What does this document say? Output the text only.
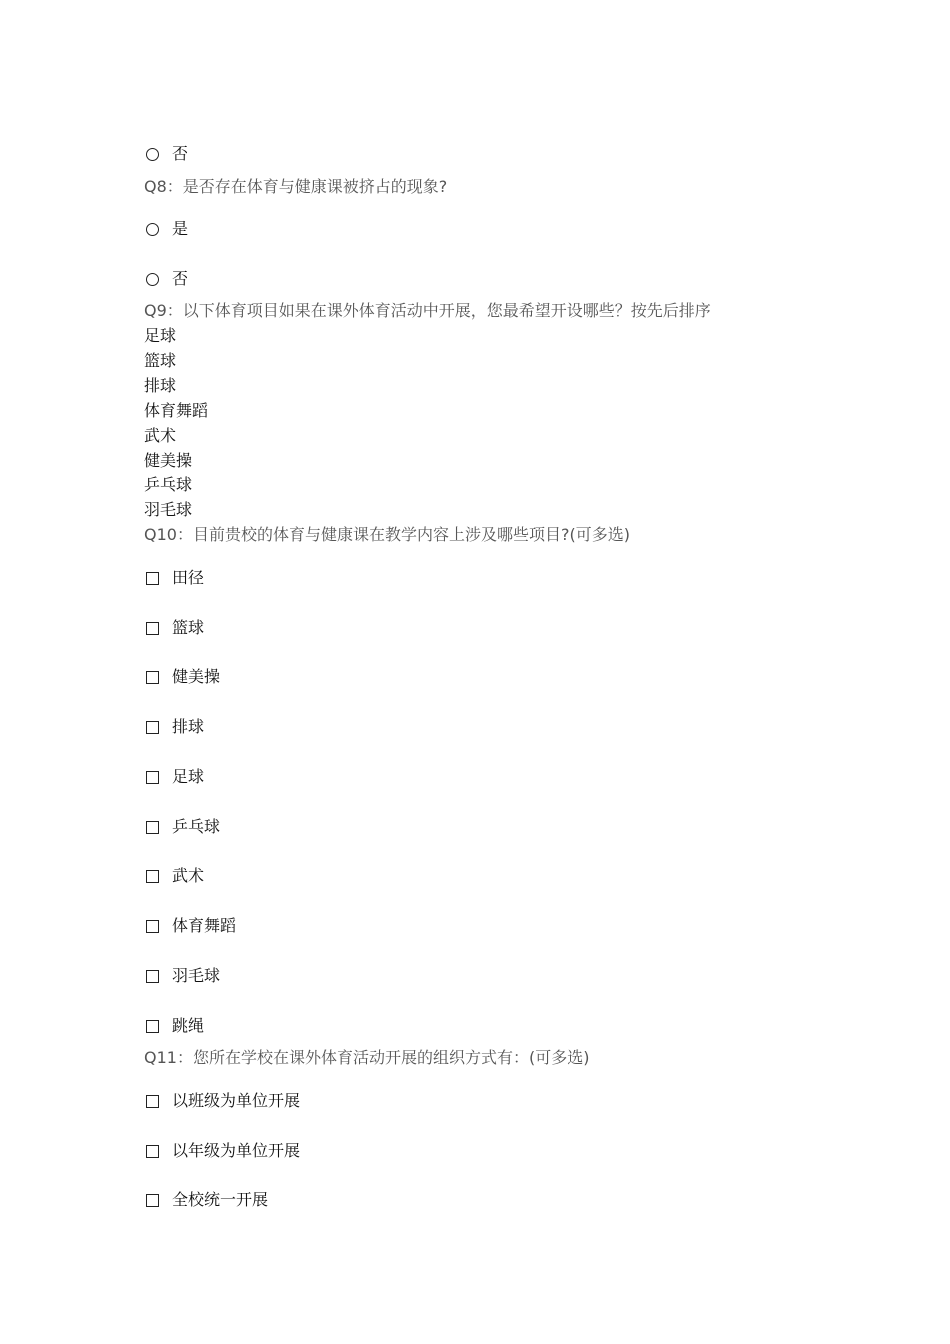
否
Q8：是否存在体育与健康课被挤占的现象?
是
否
Q9：以下体育项目如果在课外体育活动中开展，您最希望开设哪些？按先后排序
足球
篮球
排球
体育舞蹈
武术
健美操
乒乓球
羽毛球
Q10：目前贵校的体育与健康课在教学内容上涉及哪些项目?(可多选)
田径
篮球
健美操
排球
足球
乒乓球
武术
体育舞蹈
羽毛球
跳绳
Q11：您所在学校在课外体育活动开展的组织方式有：(可多选)
以班级为单位开展
以年级为单位开展
全校统一开展
